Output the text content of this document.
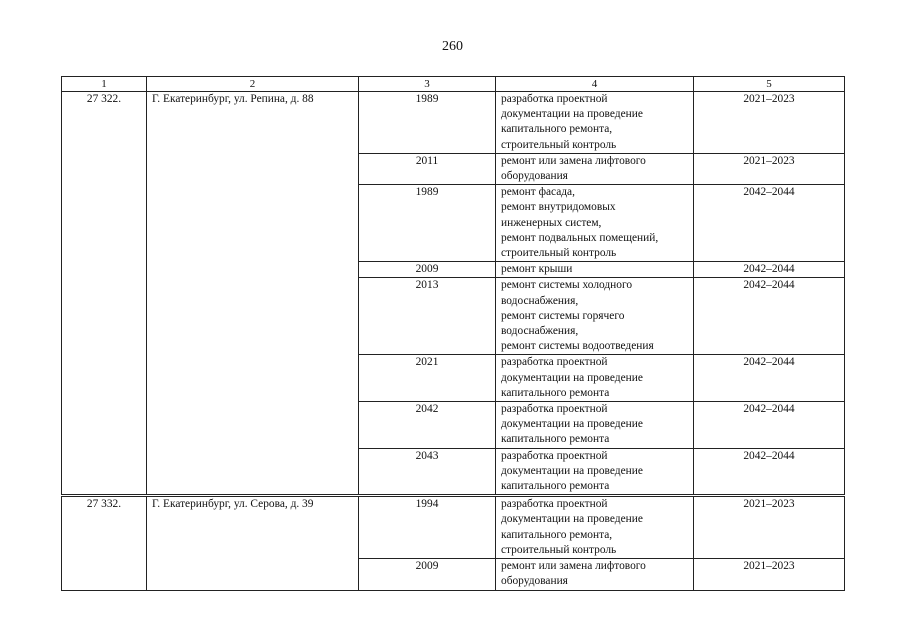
260
1	2	3	4	5
27 322.	Г. Екатеринбург, ул. Репина, д. 88	1989	разработка проектной
документации на проведение
капитального ремонта,
строительный контроль	2021–2023
		2011	ремонт или замена лифтового
оборудования	2021–2023
		1989	ремонт фасада,
ремонт внутридомовых
инженерных систем,
ремонт подвальных помещений,
строительный контроль	2042–2044
		2009	ремонт крыши	2042–2044
		2013	ремонт системы холодного
водоснабжения,
ремонт системы горячего
водоснабжения,
ремонт системы водоотведения	2042–2044
		2021	разработка проектной
документации на проведение
капитального ремонта	2042–2044
		2042	разработка проектной
документации на проведение
капитального ремонта	2042–2044
		2043	разработка проектной
документации на проведение
капитального ремонта	2042–2044
27 332.	Г. Екатеринбург, ул. Серова, д. 39	1994	разработка проектной
документации на проведение
капитального ремонта,
строительный контроль	2021–2023
		2009	ремонт или замена лифтового
оборудования	2021–2023
